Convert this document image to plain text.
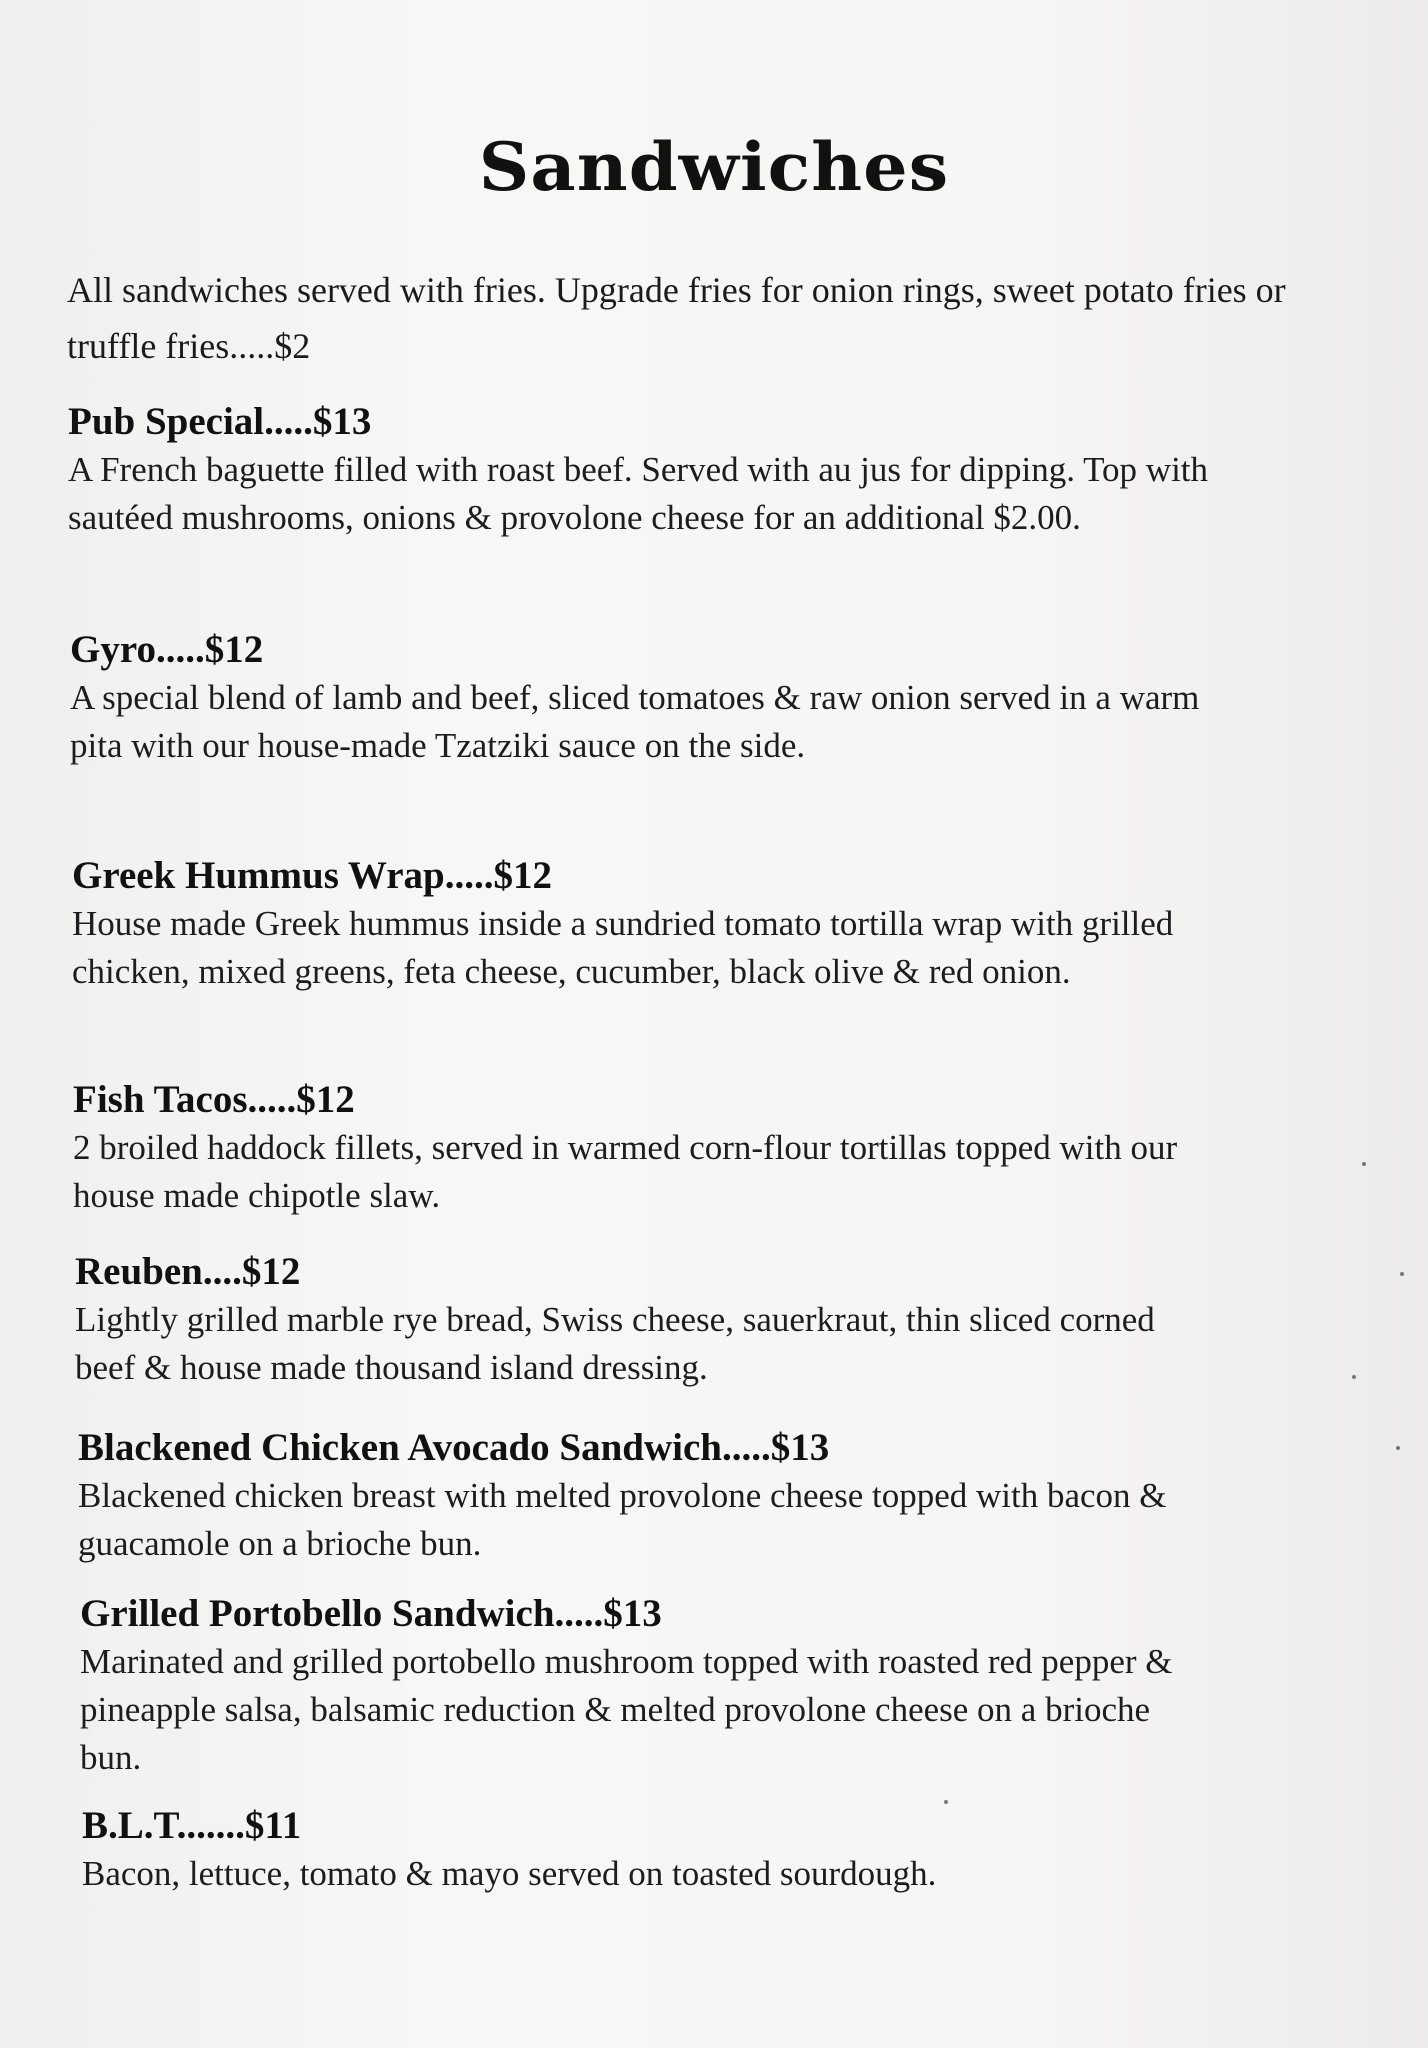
Sandwiches
All sandwiches served with fries. Upgrade fries for onion rings, sweet potato fries or truffle fries.....$2
Pub Special.....$13
A French baguette filled with roast beef. Served with au jus for dipping. Top with sautéed mushrooms, onions & provolone cheese for an additional $2.00.
Gyro.....$12
A special blend of lamb and beef, sliced tomatoes & raw onion served in a warm pita with our house-made Tzatziki sauce on the side.
Greek Hummus Wrap.....$12
House made Greek hummus inside a sundried tomato tortilla wrap with grilled chicken, mixed greens, feta cheese, cucumber, black olive & red onion.
Fish Tacos.....$12
2 broiled haddock fillets, served in warmed corn-flour tortillas topped with our house made chipotle slaw.
Reuben....$12
Lightly grilled marble rye bread, Swiss cheese, sauerkraut, thin sliced corned beef & house made thousand island dressing.
Blackened Chicken Avocado Sandwich.....$13
Blackened chicken breast with melted provolone cheese topped with bacon & guacamole on a brioche bun.
Grilled Portobello Sandwich.....$13
Marinated and grilled portobello mushroom topped with roasted red pepper & pineapple salsa, balsamic reduction & melted provolone cheese on a brioche bun.
B.L.T.......$11
Bacon, lettuce, tomato & mayo served on toasted sourdough.
